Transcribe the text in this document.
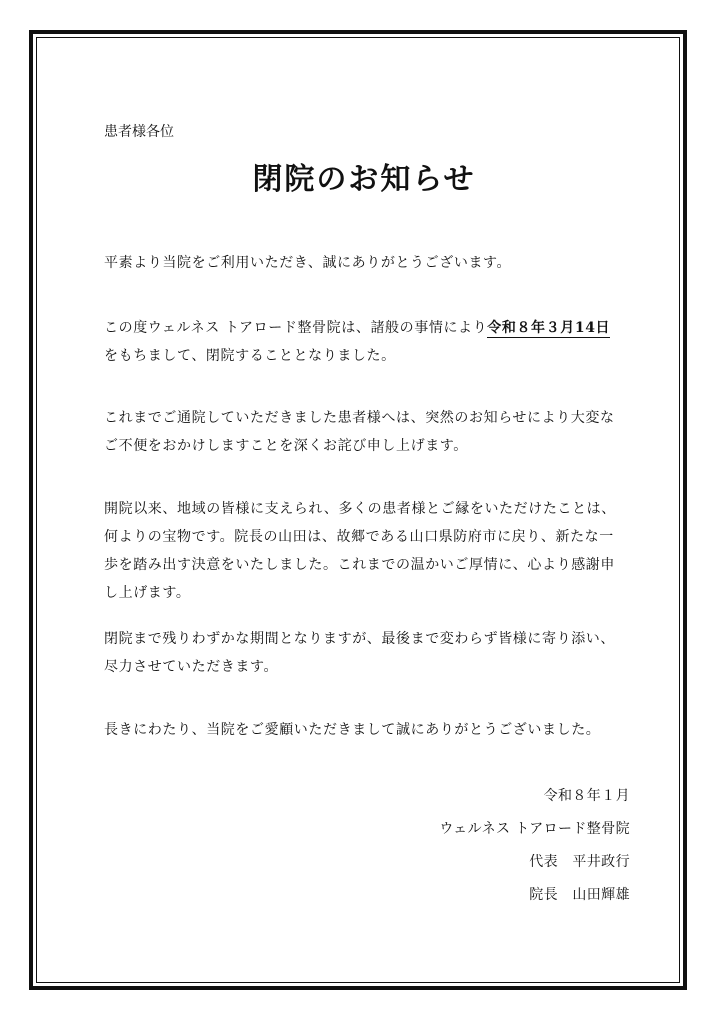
患者様各位
閉院のお知らせ
平素より当院をご利用いただき、誠にありがとうございます。
この度ウェルネス トアロード整骨院は、諸般の事情により令和８年３月14日
をもちまして、閉院することとなりました。
これまでご通院していただきました患者様へは、突然のお知らせにより大変な
ご不便をおかけしますことを深くお詫び申し上げます。
開院以来、地域の皆様に支えられ、多くの患者様とご縁をいただけたことは、
何よりの宝物です。院長の山田は、故郷である山口県防府市に戻り、新たな一
歩を踏み出す決意をいたしました。これまでの温かいご厚情に、心より感謝申
し上げます。
閉院まで残りわずかな期間となりますが、最後まで変わらず皆様に寄り添い、
尽力させていただきます。
長きにわたり、当院をご愛顧いただきまして誠にありがとうございました。
令和８年１月
ウェルネス トアロード整骨院
代表　平井政行
院長　山田輝雄
